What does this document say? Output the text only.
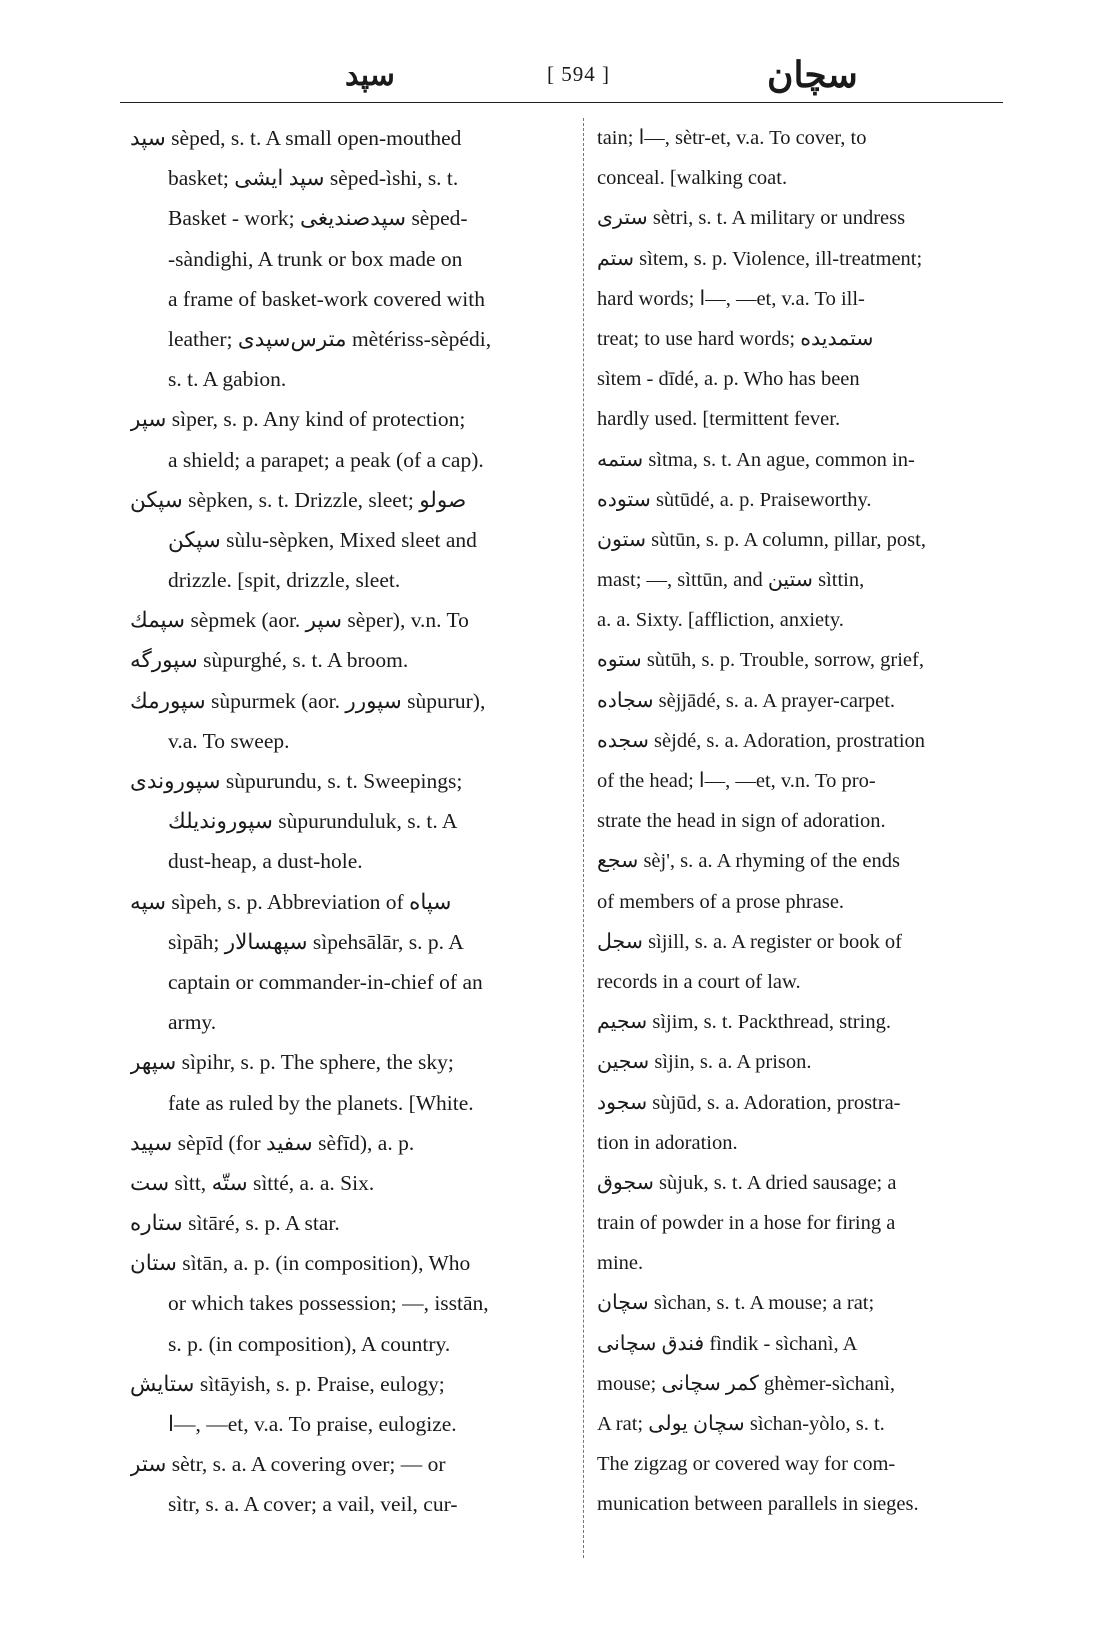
سپد	[ 594 ]	سچان
سپد sèped, s. t. A small open-mouthed
basket; سپد ايشى sèped-ìshi, s. t.
Basket - work; سپدصنديغى sèped-
-sàndighi, A trunk or box made on
a frame of basket-work covered with
leather; مترس‌سپدى mètériss-sèpédi,
s. t. A gabion.
سپر sìper, s. p. Any kind of protection;
a shield; a parapet; a peak (of a cap).
سپكن sèpken, s. t. Drizzle, sleet; صولو
سپكن sùlu-sèpken, Mixed sleet and
drizzle. [spit, drizzle, sleet.
سپمك sèpmek (aor. سپر sèper), v.n. To
سپورگه sùpurghé, s. t. A broom.
سپورمك sùpurmek (aor. سپورر sùpurur),
v.a. To sweep.
سپوروندى sùpurundu, s. t. Sweepings;
سپوروندیلك sùpurunduluk, s. t. A
dust-heap, a dust-hole.
سپه sìpeh, s. p. Abbreviation of سپاه
sìpāh; سپهسالار sìpehsālār, s. p. A
captain or commander-in-chief of an
army.
سپهر sìpihr, s. p. The sphere, the sky;
fate as ruled by the planets. [White.
سپيد sèpīd (for سفيد sèfīd), a. p.
ست sìtt, ستّه sìtté, a. a. Six.
ستاره sìtāré, s. p. A star.
ستان sìtān, a. p. (in composition), Who
or which takes possession; —, isstān,
s. p. (in composition), A country.
ستايش sìtāyish, s. p. Praise, eulogy;
ا—, —et, v.a. To praise, eulogize.
ستر sètr, s. a. A covering over; — or
sìtr, s. a. A cover; a vail, veil, cur-
tain; ا—, sètr-et, v.a. To cover, to
conceal. [walking coat.
سترى sètri, s. t. A military or undress
ستم sìtem, s. p. Violence, ill-treatment;
hard words; ا—, —et, v.a. To ill-
treat; to use hard words; ستمديده
sìtem - dīdé, a. p. Who has been
hardly used. [termittent fever.
ستمه sìtma, s. t. An ague, common in-
ستوده sùtūdé, a. p. Praiseworthy.
ستون sùtūn, s. p. A column, pillar, post,
mast; —, sìttūn, and ستين sìttin,
a. a. Sixty. [affliction, anxiety.
ستوه sùtūh, s. p. Trouble, sorrow, grief,
سجاده sèjjādé, s. a. A prayer-carpet.
سجده sèjdé, s. a. Adoration, prostration
of the head; ا—, —et, v.n. To pro-
strate the head in sign of adoration.
سجع sèj', s. a. A rhyming of the ends
of members of a prose phrase.
سجل sìjill, s. a. A register or book of
records in a court of law.
سجيم sìjim, s. t. Packthread, string.
سجين sìjin, s. a. A prison.
سجود sùjūd, s. a. Adoration, prostra-
tion in adoration.
سجوق sùjuk, s. t. A dried sausage; a
train of powder in a hose for firing a
mine.
سچان sìchan, s. t. A mouse; a rat;
فندق سچانى fìndik - sìchanì, A
mouse; كمر سچانى ghèmer-sìchanì,
A rat; سچان يولى sìchan-yòlo, s. t.
The zigzag or covered way for com-
munication between parallels in sieges.
